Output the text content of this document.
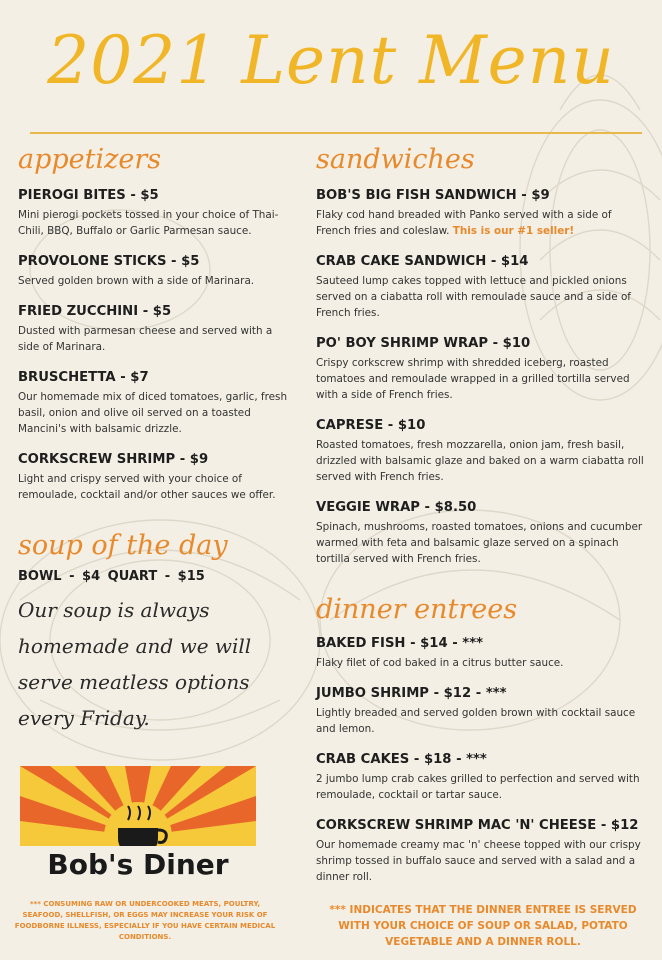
2021 Lent Menu
appetizers
PIEROGI BITES - $5
Mini pierogi pockets tossed in your choice of Thai-Chili, BBQ, Buffalo or Garlic Parmesan sauce.
PROVOLONE STICKS - $5
Served golden brown with a side of Marinara.
FRIED ZUCCHINI - $5
Dusted with parmesan cheese and served with a side of Marinara.
BRUSCHETTA - $7
Our homemade mix of diced tomatoes, garlic, fresh basil, onion and olive oil served on a toasted Mancini's with balsamic drizzle.
CORKSCREW SHRIMP - $9
Light and crispy served with your choice of remoulade, cocktail and/or other sauces we offer.
soup of the day
BOWL - $4 QUART - $15
Our soup is always homemade and we will serve meatless options every Friday.
sandwiches
BOB'S BIG FISH SANDWICH - $9
Flaky cod hand breaded with Panko served with a side of French fries and coleslaw. This is our #1 seller!
CRAB CAKE SANDWICH - $14
Sauteed lump cakes topped with lettuce and pickled onions served on a ciabatta roll with remoulade sauce and a side of French fries.
PO' BOY SHRIMP WRAP - $10
Crispy corkscrew shrimp with shredded iceberg, roasted tomatoes and remoulade wrapped in a grilled tortilla served with a side of French fries.
CAPRESE - $10
Roasted tomatoes, fresh mozzarella, onion jam, fresh basil, drizzled with balsamic glaze and baked on a warm ciabatta roll served with French fries.
VEGGIE WRAP - $8.50
Spinach, mushrooms, roasted tomatoes, onions and cucumber warmed with feta and balsamic glaze served on a spinach tortilla served with French fries.
dinner entrees
BAKED FISH - $14 - ***
Flaky filet of cod baked in a citrus butter sauce.
JUMBO SHRIMP - $12 - ***
Lightly breaded and served golden brown with cocktail sauce and lemon.
CRAB CAKES - $18 - ***
2 jumbo lump crab cakes grilled to perfection and served with remoulade, cocktail or tartar sauce.
CORKSCREW SHRIMP MAC 'N' CHEESE - $12
Our homemade creamy mac 'n' cheese topped with our crispy shrimp tossed in buffalo sauce and served with a salad and a dinner roll.
Bob's Diner
*** CONSUMING RAW OR UNDERCOOKED MEATS, POULTRY, SEAFOOD, SHELLFISH, OR EGGS MAY INCREASE YOUR RISK OF FOODBORNE ILLNESS, ESPECIALLY IF YOU HAVE CERTAIN MEDICAL CONDITIONS.
*** INDICATES THAT THE DINNER ENTREE IS SERVED WITH YOUR CHOICE OF SOUP OR SALAD, POTATO VEGETABLE AND A DINNER ROLL.
